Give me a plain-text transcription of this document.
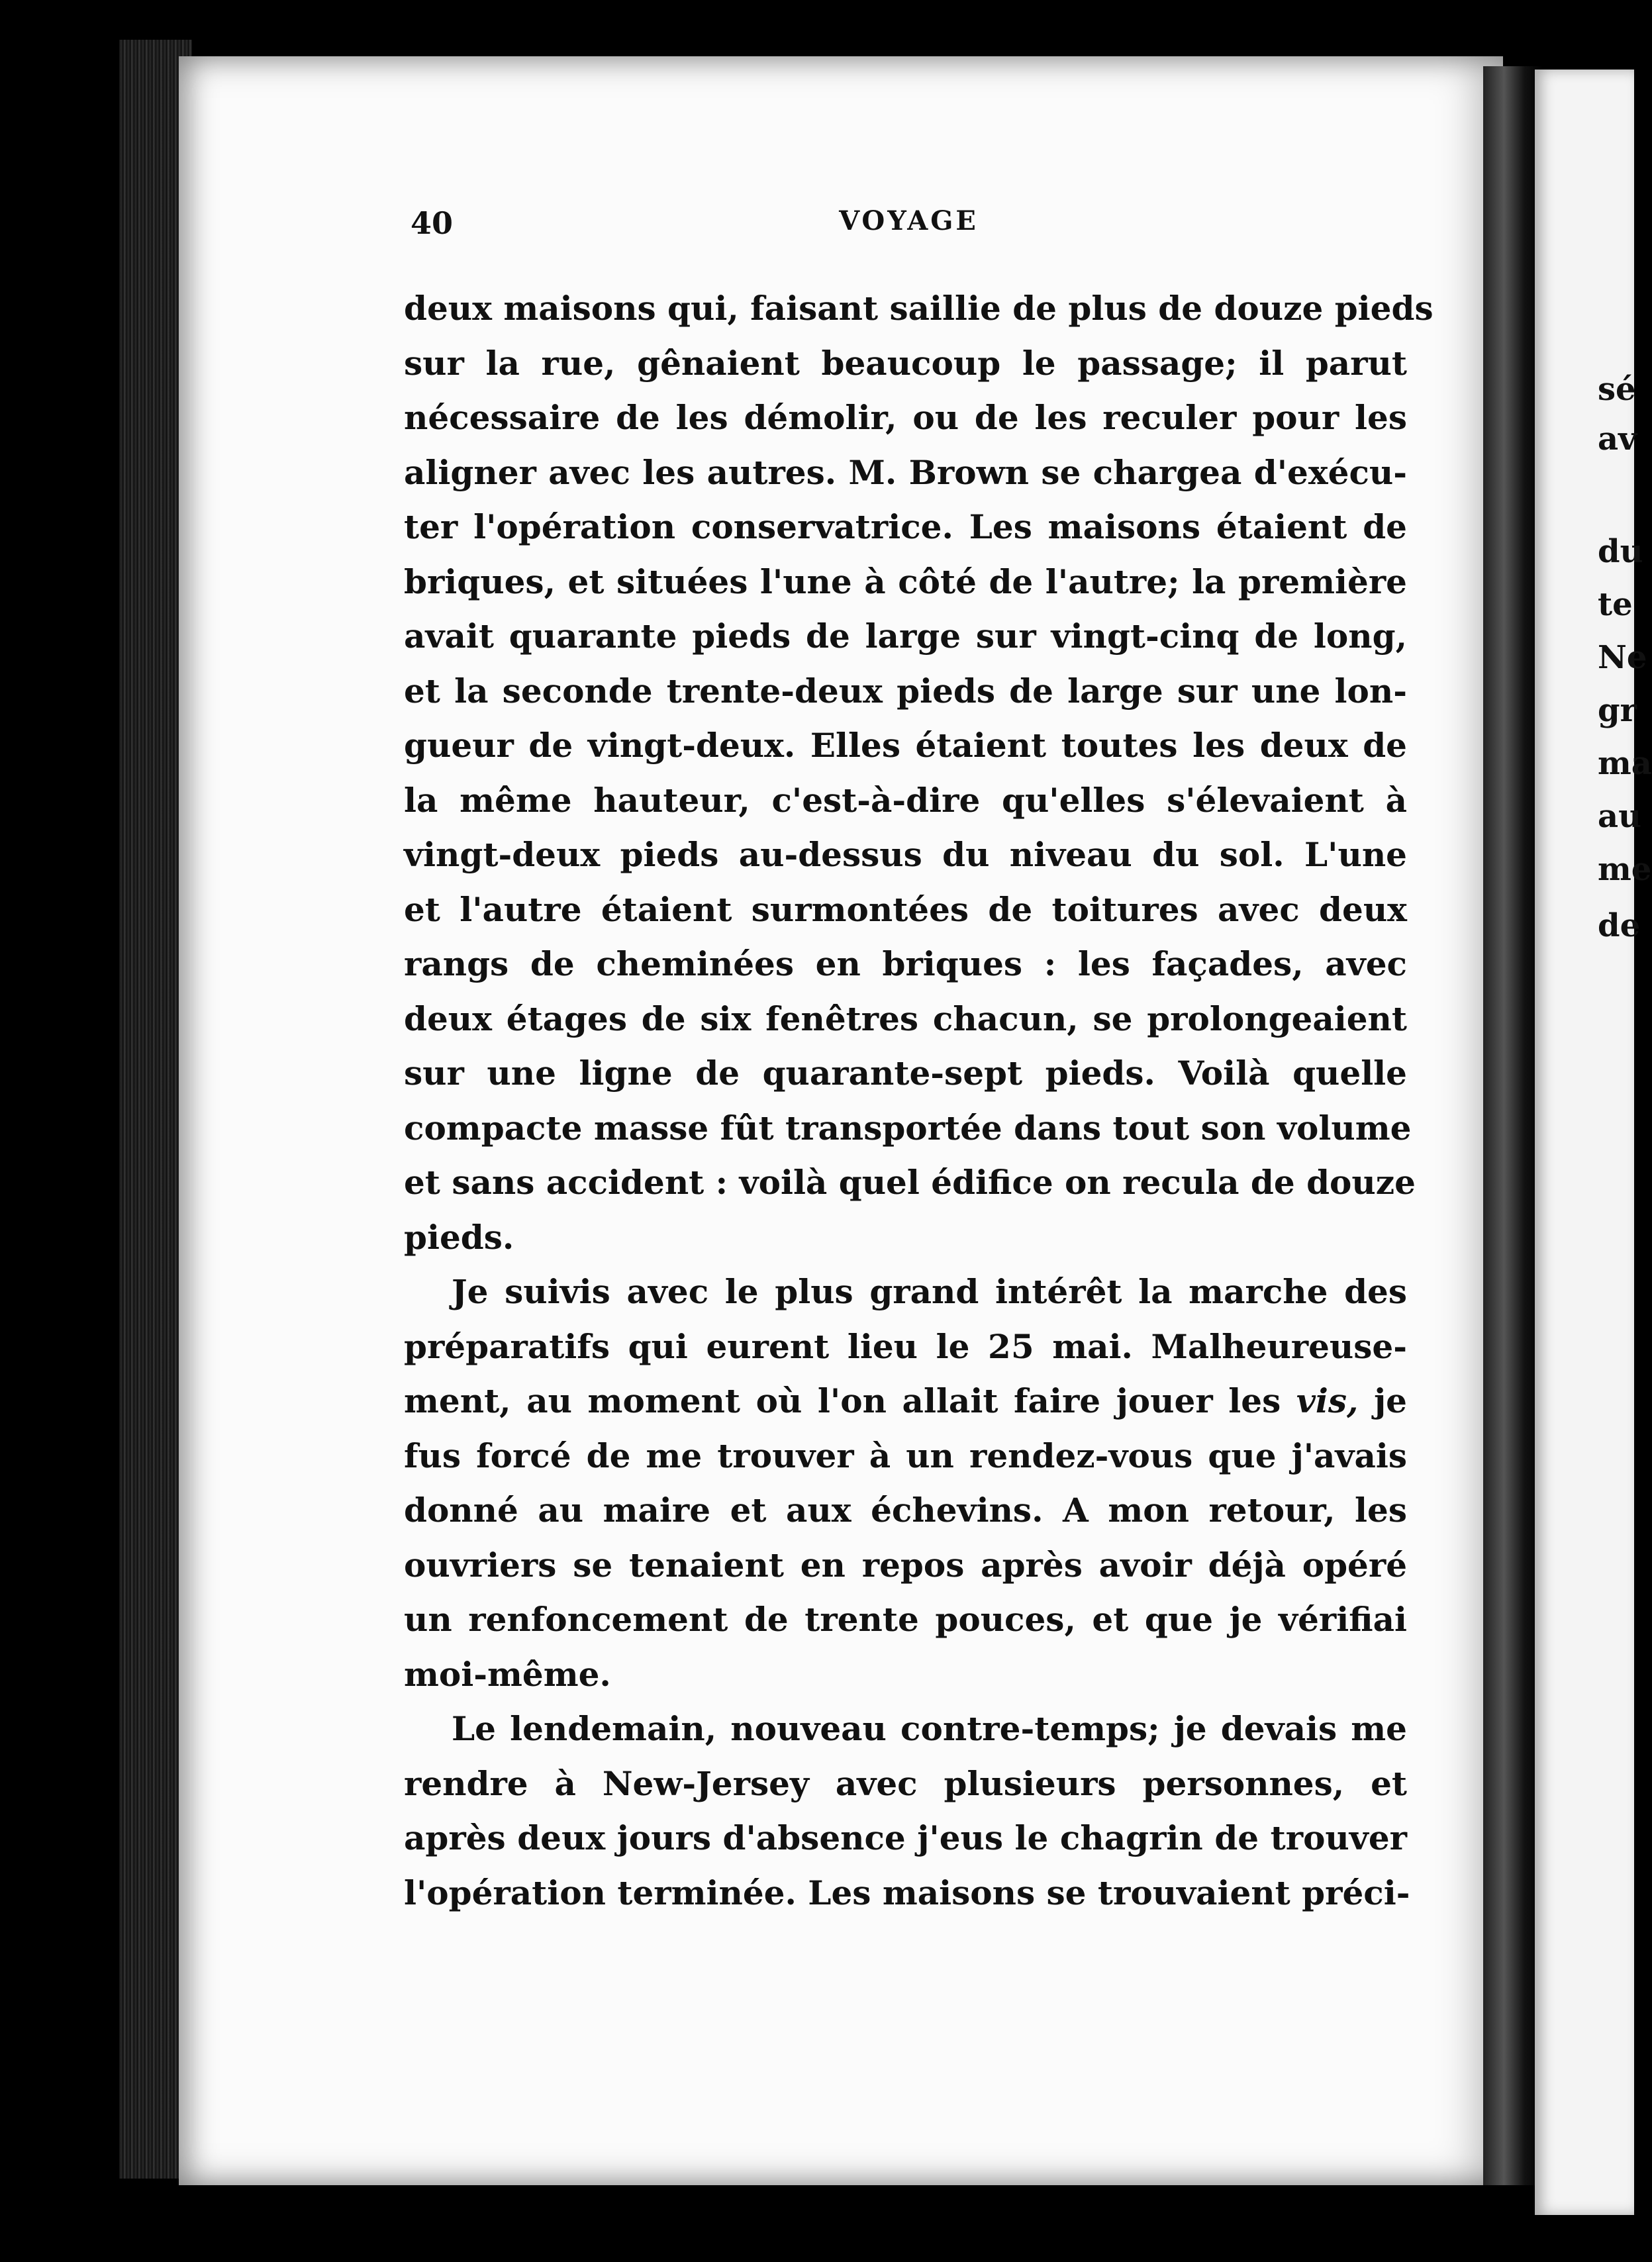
sé
av
du
te
Ne
gr
ma
au
me
de
40	VOYAGE
deux maisons qui, faisant saillie de plus de douze pieds
sur la rue, gênaient beaucoup le passage; il parut
nécessaire de les démolir, ou de les reculer pour les
aligner avec les autres. M. Brown se chargea d'exécu-
ter l'opération conservatrice. Les maisons étaient de
briques, et situées l'une à côté de l'autre; la première
avait quarante pieds de large sur vingt-cinq de long,
et la seconde trente-deux pieds de large sur une lon-
gueur de vingt-deux. Elles étaient toutes les deux de
la même hauteur, c'est-à-dire qu'elles s'élevaient à
vingt-deux pieds au-dessus du niveau du sol. L'une
et l'autre étaient surmontées de toitures avec deux
rangs de cheminées en briques : les façades, avec
deux étages de six fenêtres chacun, se prolongeaient
sur une ligne de quarante-sept pieds. Voilà quelle
compacte masse fût transportée dans tout son volume
et sans accident : voilà quel édifice on recula de douze
pieds.
Je suivis avec le plus grand intérêt la marche des
préparatifs qui eurent lieu le 25 mai. Malheureuse-
ment, au moment où l'on allait faire jouer les vis, je
fus forcé de me trouver à un rendez-vous que j'avais
donné au maire et aux échevins. A mon retour, les
ouvriers se tenaient en repos après avoir déjà opéré
un renfoncement de trente pouces, et que je vérifiai
moi-même.
Le lendemain, nouveau contre-temps; je devais me
rendre à New-Jersey avec plusieurs personnes, et
après deux jours d'absence j'eus le chagrin de trouver
l'opération terminée. Les maisons se trouvaient préci-
